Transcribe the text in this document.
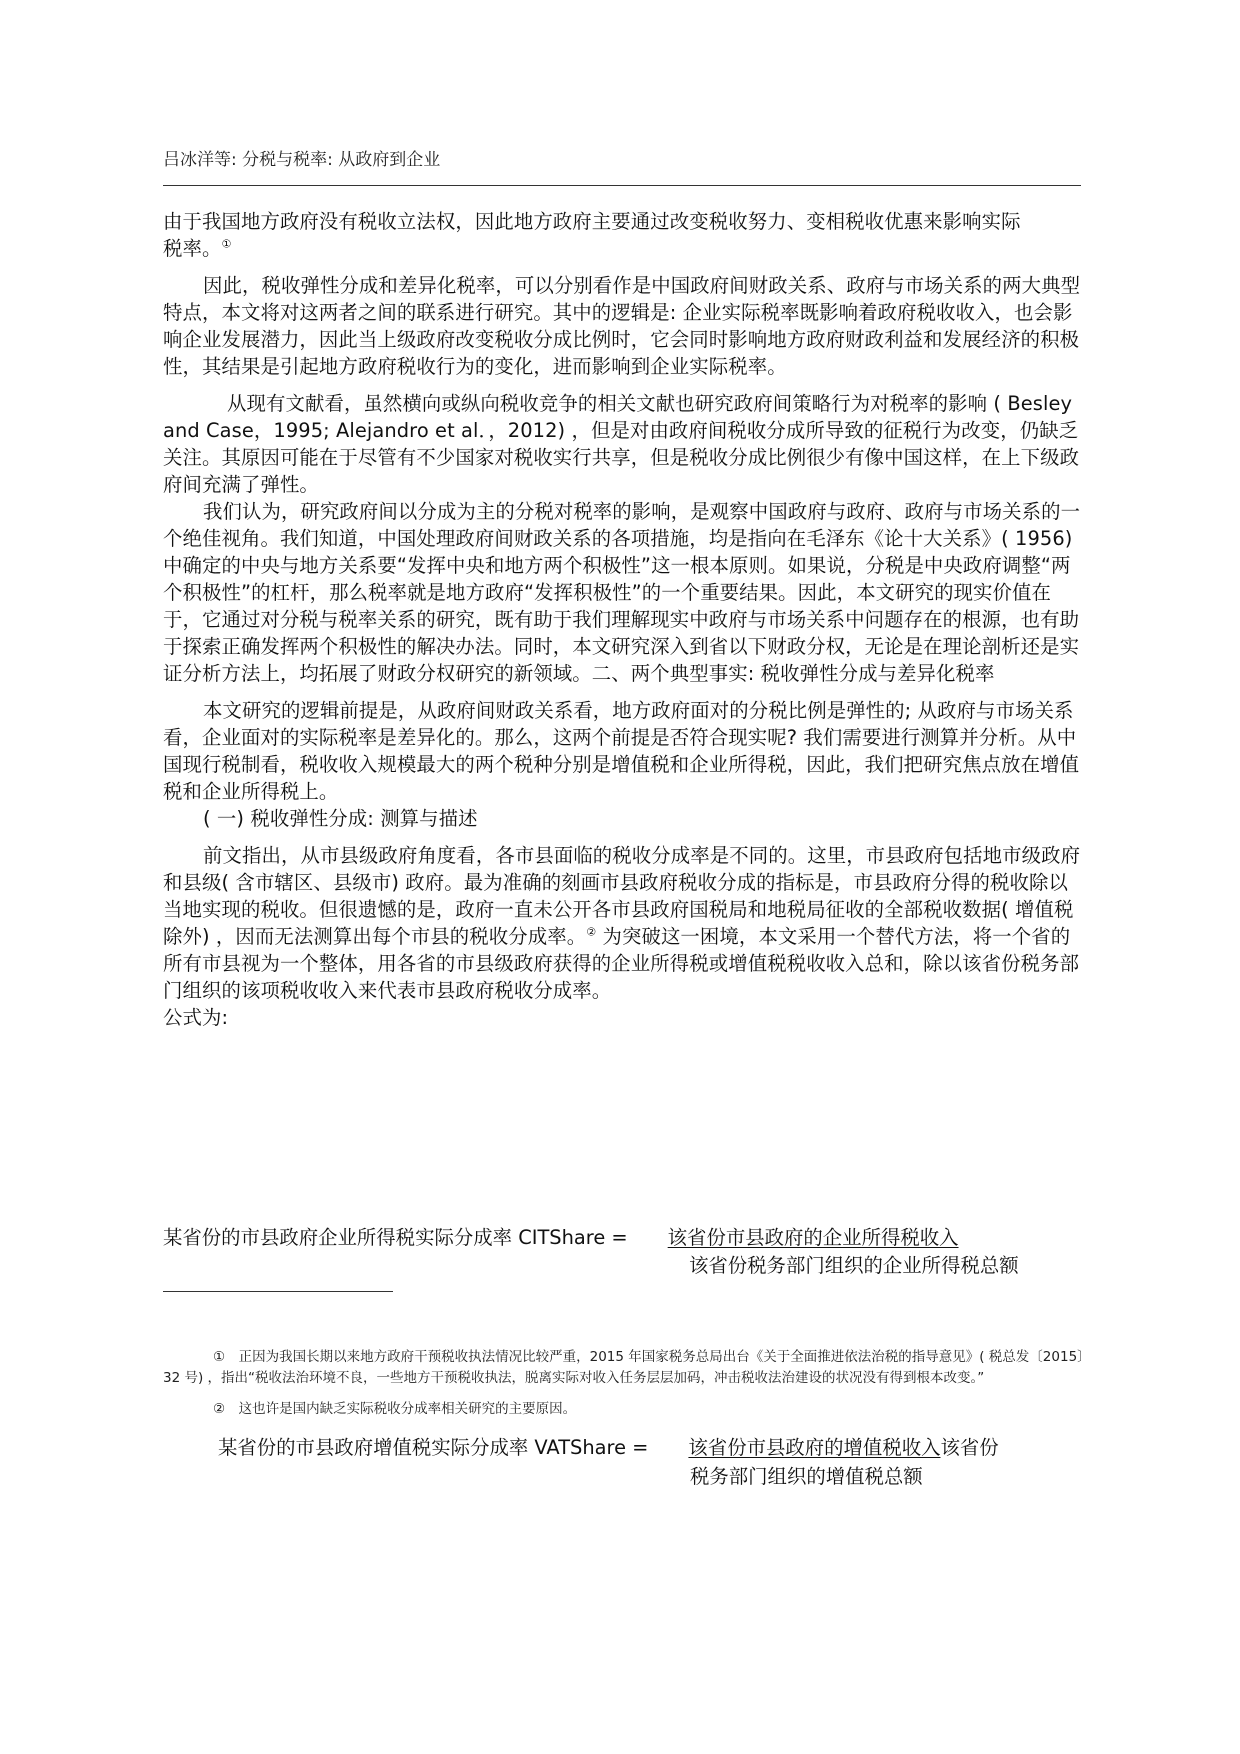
吕冰洋等: 分税与税率: 从政府到企业

由于我国地方政府没有税收立法权，因此地方政府主要通过改变税收努力、变相税收优惠来影响实际
税率。①

因此，税收弹性分成和差异化税率，可以分别看作是中国政府间财政关系、政府与市场关系的两大典型特点，本文将对这两者之间的联系进行研究。其中的逻辑是: 企业实际税率既影响着政府税收收入，也会影响企业发展潜力，因此当上级政府改变税收分成比例时，它会同时影响地方政府财政利益和发展经济的积极性，其结果是引起地方政府税收行为的变化，进而影响到企业实际税率。

从现有文献看，虽然横向或纵向税收竞争的相关文献也研究政府间策略行为对税率的影响 ( Besley and Case，1995; Alejandro et al．，2012) ，但是对由政府间税收分成所导致的征税行为改变，仍缺乏关注。其原因可能在于尽管有不少国家对税收实行共享，但是税收分成比例很少有像中国这样，在上下级政府间充满了弹性。

我们认为，研究政府间以分成为主的分税对税率的影响，是观察中国政府与政府、政府与市场关系的一个绝佳视角。我们知道，中国处理政府间财政关系的各项措施，均是指向在毛泽东《论十大关系》( 1956) 中确定的中央与地方关系要“发挥中央和地方两个积极性”这一根本原则。如果说，分税是中央政府调整“两个积极性”的杠杆，那么税率就是地方政府“发挥积极性”的一个重要结果。因此，本文研究的现实价值在于，它通过对分税与税率关系的研究，既有助于我们理解现实中政府与市场关系中问题存在的根源，也有助于探索正确发挥两个积极性的解决办法。同时，本文研究深入到省以下财政分权，无论是在理论剖析还是实证分析方法上，均拓展了财政分权研究的新领域。二、两个典型事实: 税收弹性分成与差异化税率

本文研究的逻辑前提是，从政府间财政关系看，地方政府面对的分税比例是弹性的; 从政府与市场关系看，企业面对的实际税率是差异化的。那么，这两个前提是否符合现实呢? 我们需要进行测算并分析。从中国现行税制看，税收收入规模最大的两个税种分别是增值税和企业所得税，因此，我们把研究焦点放在增值税和企业所得税上。

( 一) 税收弹性分成: 测算与描述

前文指出，从市县级政府角度看，各市县面临的税收分成率是不同的。这里，市县政府包括地市级政府和县级( 含市辖区、县级市) 政府。最为准确的刻画市县政府税收分成的指标是，市县政府分得的税收除以当地实现的税收。但很遗憾的是，政府一直未公开各市县政府国税局和地税局征收的全部税收数据( 增值税除外) ，因而无法测算出每个市县的税收分成率。② 为突破这一困境，本文采用一个替代方法，将一个省的所有市县视为一个整体，用各省的市县级政府获得的企业所得税或增值税税收收入总和，除以该省份税务部门组织的该项税收收入来代表市县政府税收分成率。

公式为:

某省份的市县政府企业所得税实际分成率 CITShare = 该省份市县政府的企业所得税收入
该省份税务部门组织的企业所得税总额

①　正因为我国长期以来地方政府干预税收执法情况比较严重，2015 年国家税务总局出台《关于全面推进依法治税的指导意见》( 税总发〔2015〕32 号) ，指出“税收法治环境不良，一些地方干预税收执法，脱离实际对收入任务层层加码，冲击税收法治建设的状况没有得到根本改变。”

②　这也许是国内缺乏实际税收分成率相关研究的主要原因。

某省份的市县政府增值税实际分成率 VATShare = 该省份市县政府的增值税收入该省份
税务部门组织的增值税总额
